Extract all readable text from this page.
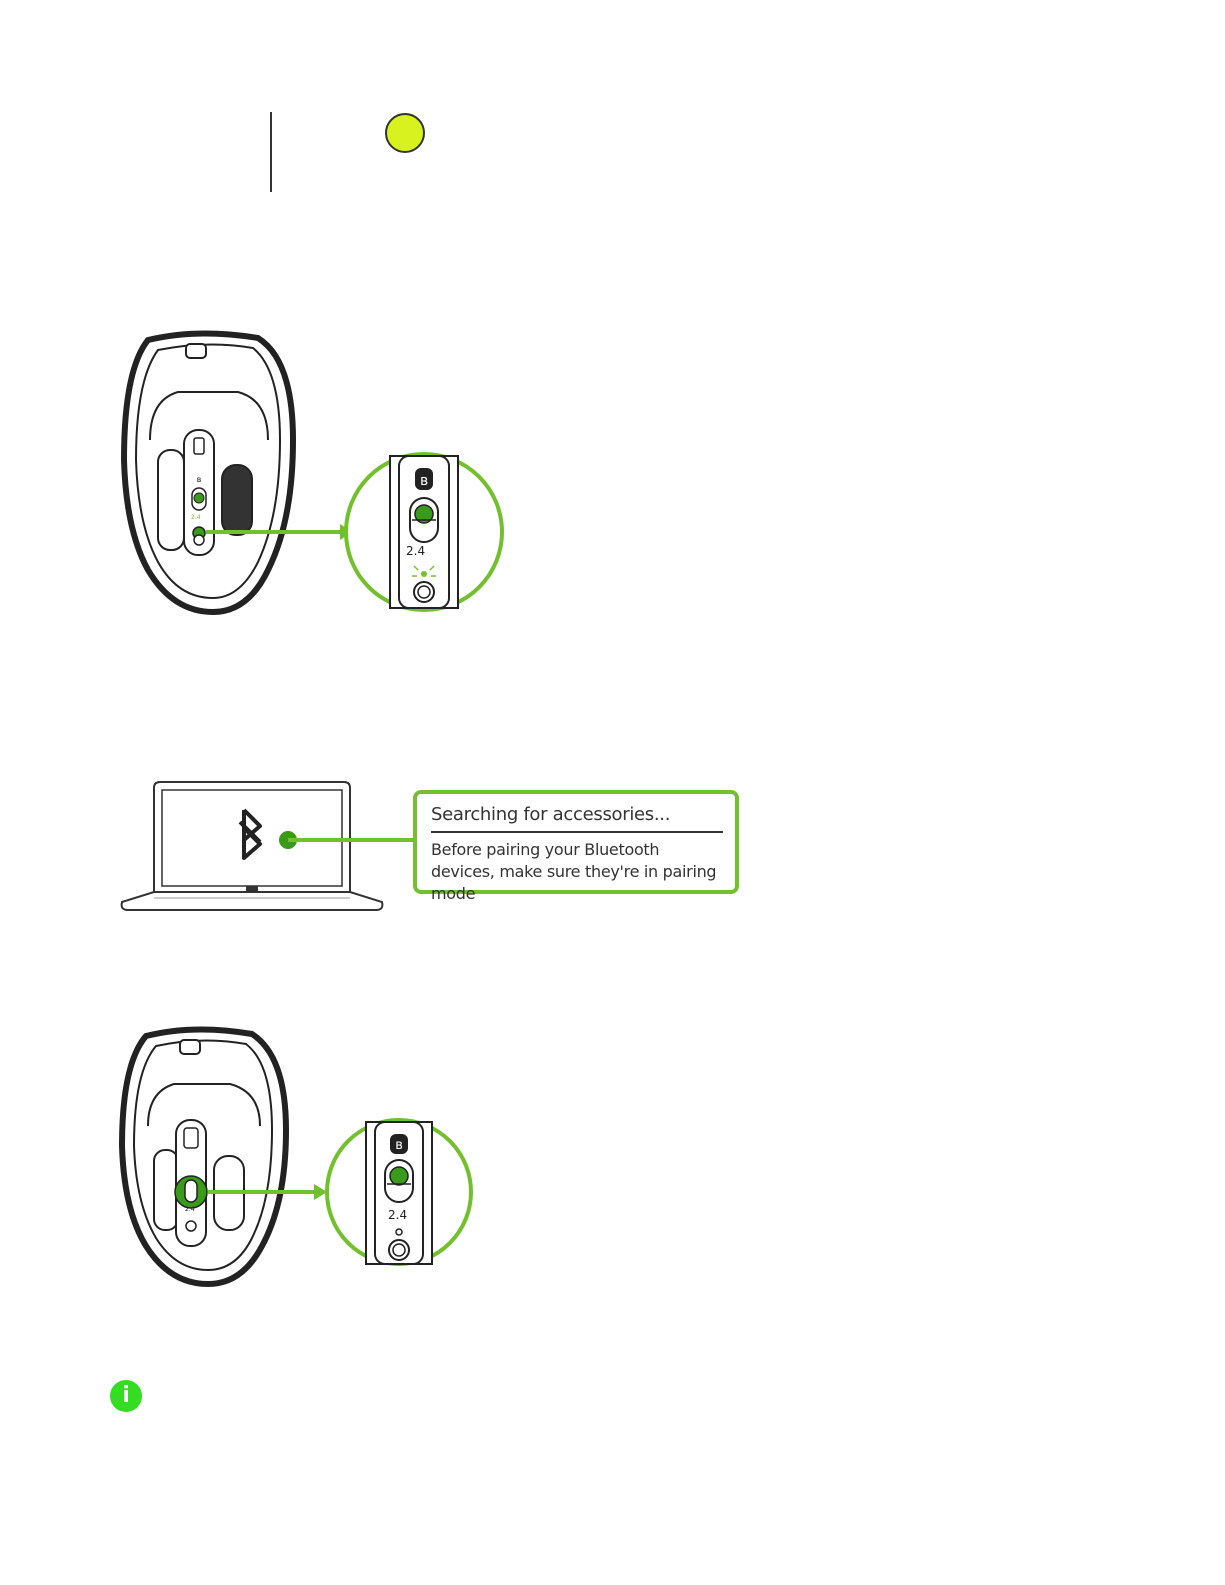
ʙ	ʙ
2.4
2.4
Searching for accessories...
Before pairing your Bluetooth devices, make sure they're in pairing mode
ʙ
2.4
2.4
i
